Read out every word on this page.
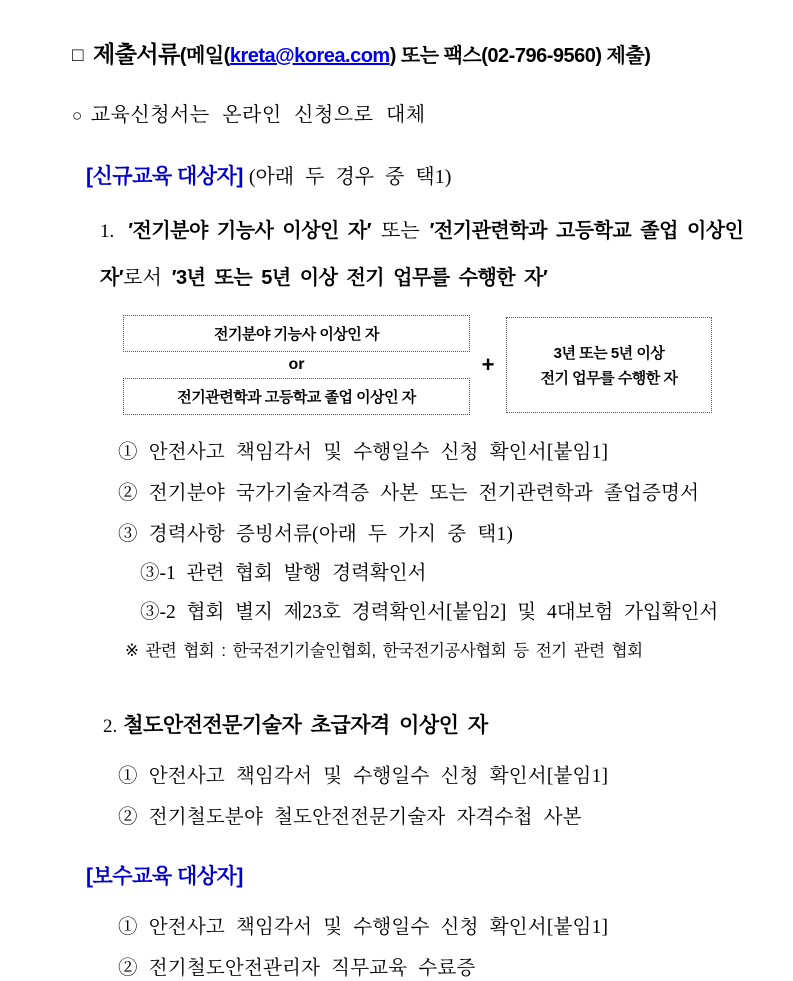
□ 제출서류(메일(kreta@korea.com) 또는 팩스(02-796-9560) 제출)
○ 교육신청서는 온라인 신청으로 대체
[신규교육 대상자] (아래 두 경우 중 택1)
1. ′전기분야 기능사 이상인 자′ 또는 ′전기관련학과 고등학교 졸업 이상인 자′로서 ′3년 또는 5년 이상 전기 업무를 수행한 자′
전기분야 기능사 이상인 자
or
전기관련학과 고등학교 졸업 이상인 자
+	3년 또는 5년 이상
전기 업무를 수행한 자
① 안전사고 책임각서 및 수행일수 신청 확인서[붙임1]
② 전기분야 국가기술자격증 사본 또는 전기관련학과 졸업증명서
③ 경력사항 증빙서류(아래 두 가지 중 택1)
③-1 관련 협회 발행 경력확인서
③-2 협회 별지 제23호 경력확인서[붙임2] 및 4대보험 가입확인서
※ 관련 협회 : 한국전기기술인협회, 한국전기공사협회 등 전기 관련 협회
2. 철도안전전문기술자 초급자격 이상인 자
① 안전사고 책임각서 및 수행일수 신청 확인서[붙임1]
② 전기철도분야 철도안전전문기술자 자격수첩 사본
[보수교육 대상자]
① 안전사고 책임각서 및 수행일수 신청 확인서[붙임1]
② 전기철도안전관리자 직무교육 수료증
